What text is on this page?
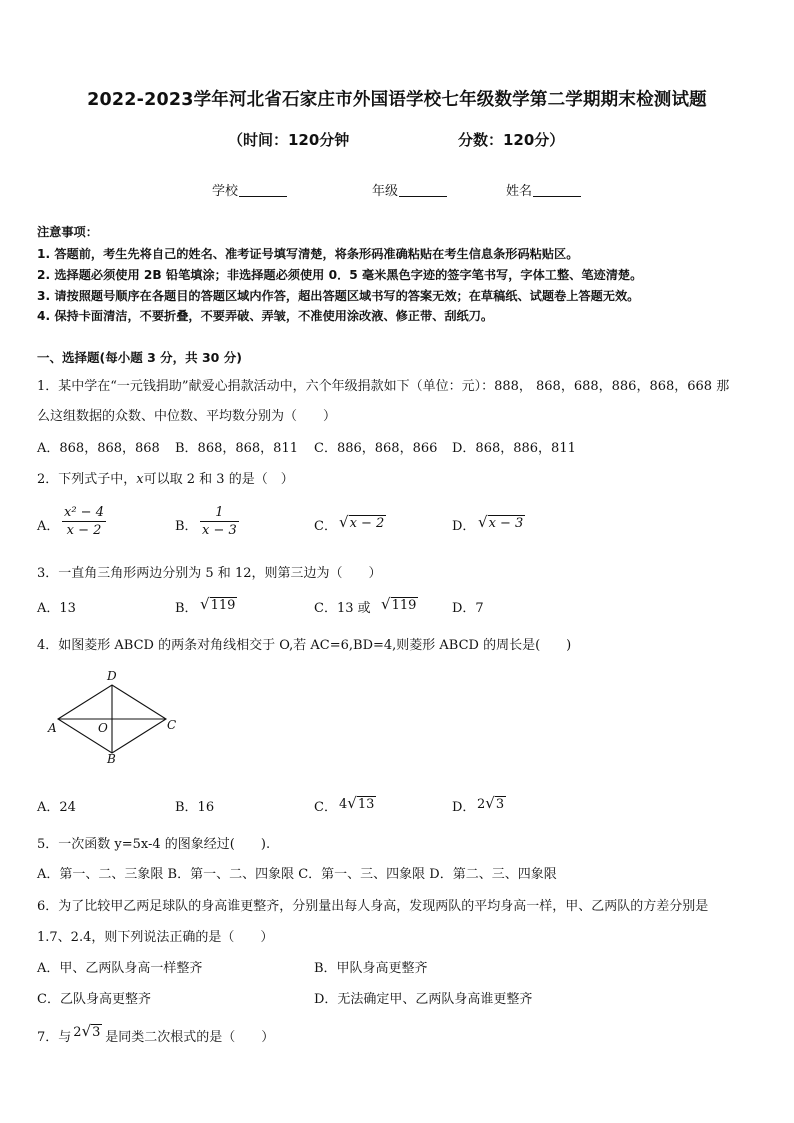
2022-2023学年河北省石家庄市外国语学校七年级数学第二学期期末检测试题
（时间：120分钟	分数：120分）
学校	年级	姓名
注意事项：
1. 答题前，考生先将自己的姓名、准考证号填写清楚，将条形码准确粘贴在考生信息条形码粘贴区。
2. 选择题必须使用 2B 铅笔填涂；非选择题必须使用 0．5 毫米黑色字迹的签字笔书写，字体工整、笔迹清楚。
3. 请按照题号顺序在各题目的答题区域内作答，超出答题区域书写的答案无效；在草稿纸、试题卷上答题无效。
4. 保持卡面清洁，不要折叠，不要弄破、弄皱，不准使用涂改液、修正带、刮纸刀。
一、选择题(每小题 3 分，共 30 分)
1．某中学在“一元钱捐助”献爱心捐款活动中，六个年级捐款如下（单位：元）：888， 868，688，886，868，668 那
么这组数据的众数、中位数、平均数分别为（　　）
A．868，868，868 B．868，868，811 C．886，868，866 D．868，886，811
2．下列式子中，x可以取 2 和 3 的是（　）
A．
x² − 4
x − 2	B．
1
x − 3	C． √x − 2	D． √x − 3
3．一直角三角形两边分别为 5 和 12，则第三边为（　　）
A．13	B． √119	C．13 或 √119	D．7
4．如图菱形 ABCD 的两条对角线相交于 O,若 AC=6,BD=4,则菱形 ABCD 的周长是(　　)
D
A	O	C
B
A．24	B．16	C． 4√13	D． 2√3
5．一次函数 y=5x-4 的图象经过(　　).
A．第一、二、三象限 B．第一、二、四象限 C．第一、三、四象限 D．第二、三、四象限
6．为了比较甲乙两足球队的身高谁更整齐，分别量出每人身高，发现两队的平均身高一样，甲、乙两队的方差分别是
1.7、2.4，则下列说法正确的是（　　）
A．甲、乙两队身高一样整齐	B．甲队身高更整齐
C．乙队身高更整齐	D．无法确定甲、乙两队身高谁更整齐
7．与 2√3 是同类二次根式的是（　　）
